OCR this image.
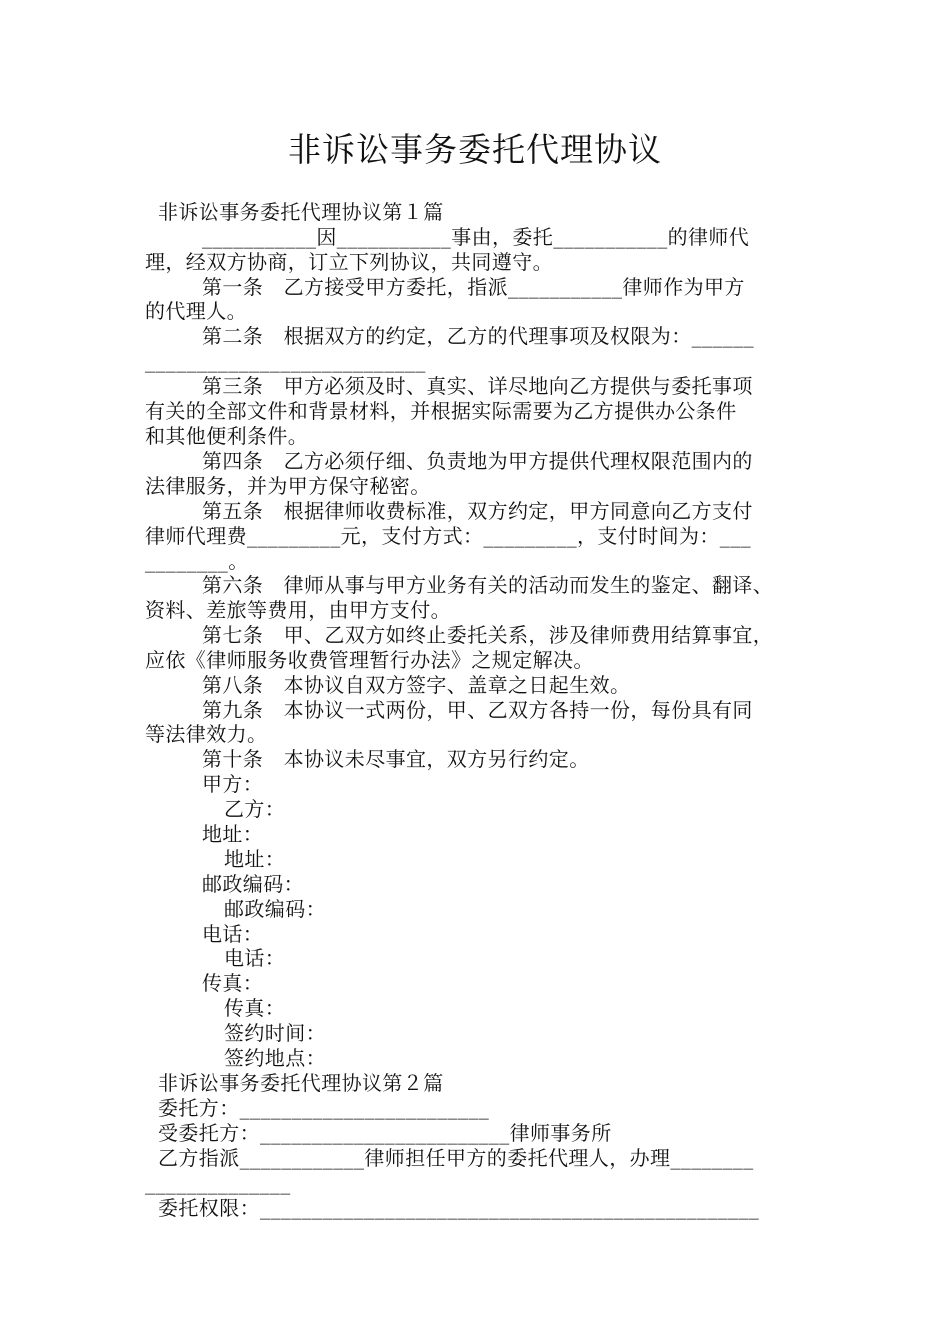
非诉讼事务委托代理协议
非诉讼事务委托代理协议第１篇
___________因___________事由，委托___________的律师代
理，经双方协商，订立下列协议，共同遵守。
第一条　乙方接受甲方委托，指派___________律师作为甲方
的代理人。
第二条　根据双方的约定，乙方的代理事项及权限为：______
___________________________
第三条　甲方必须及时、真实、详尽地向乙方提供与委托事项
有关的全部文件和背景材料，并根据实际需要为乙方提供办公条件
和其他便利条件。
第四条　乙方必须仔细、负责地为甲方提供代理权限范围内的
法律服务，并为甲方保守秘密。
第五条　根据律师收费标准，双方约定，甲方同意向乙方支付
律师代理费_________元，支付方式：_________，支付时间为：___
________。
第六条　律师从事与甲方业务有关的活动而发生的鉴定、翻译、
资料、差旅等费用，由甲方支付。
第七条　甲、乙双方如终止委托关系，涉及律师费用结算事宜，
应依《律师服务收费管理暂行办法》之规定解决。
第八条　本协议自双方签字、盖章之日起生效。
第九条　本协议一式两份，甲、乙双方各持一份，每份具有同
等法律效力。
第十条　本协议未尽事宜，双方另行约定。
甲方：
乙方：
地址：
地址：
邮政编码：
邮政编码：
电话：
电话：
传真：
传真：
签约时间：
签约地点：
非诉讼事务委托代理协议第２篇
委托方：________________________
受委托方：________________________律师事务所
乙方指派____________律师担任甲方的委托代理人，办理________
______________
委托权限：________________________________________________
